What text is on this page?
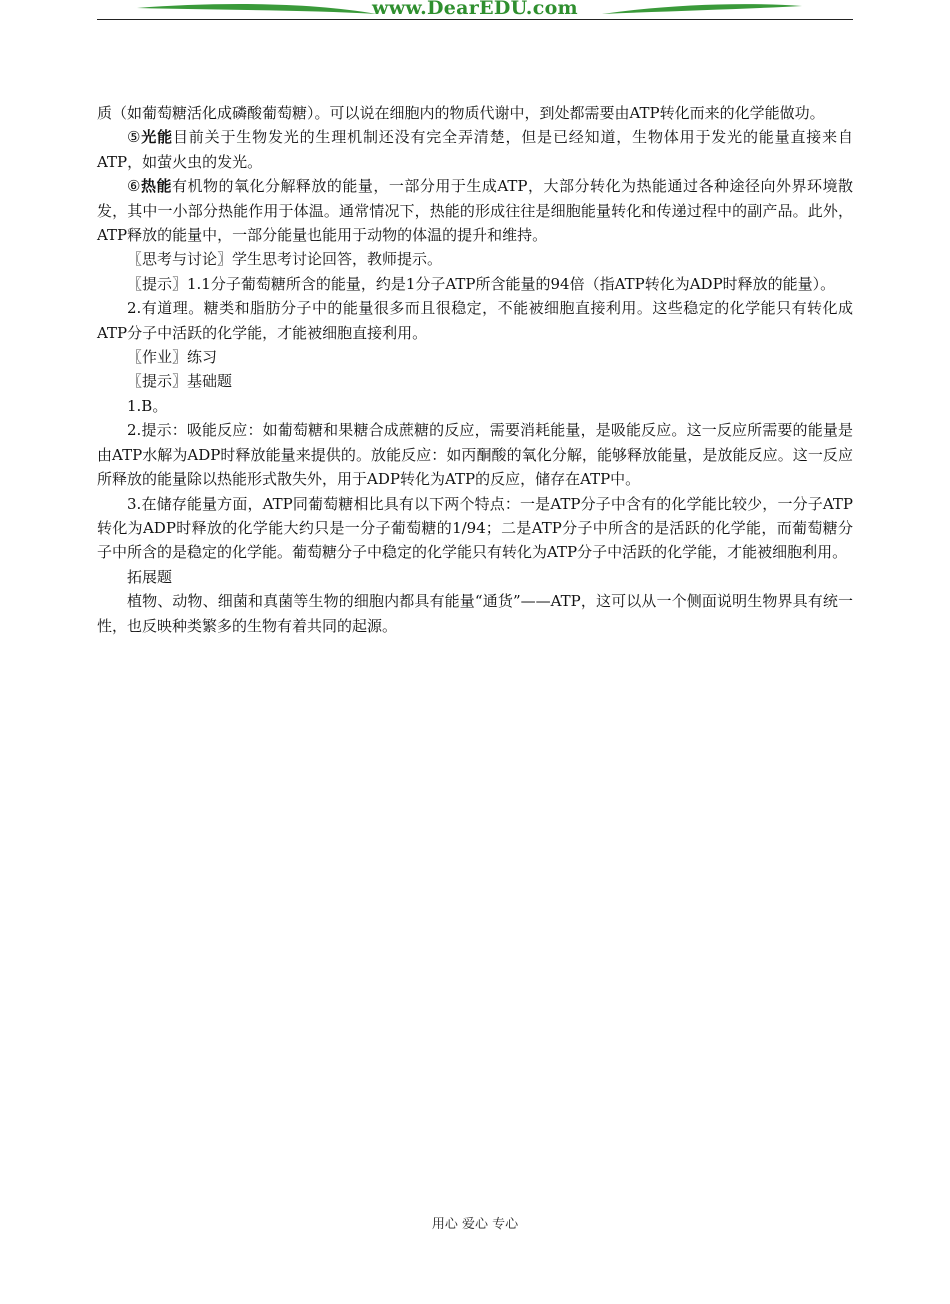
www.DearEDU.com

质（如葡萄糖活化成磷酸葡萄糖）。可以说在细胞内的物质代谢中，到处都需要由ATP转化而来的化学能做功。

⑤光能目前关于生物发光的生理机制还没有完全弄清楚，但是已经知道，生物体用于发光的能量直接来自ATP，如萤火虫的发光。

⑥热能有机物的氧化分解释放的能量，一部分用于生成ATP，大部分转化为热能通过各种途径向外界环境散发，其中一小部分热能作用于体温。通常情况下，热能的形成往往是细胞能量转化和传递过程中的副产品。此外，ATP释放的能量中，一部分能量也能用于动物的体温的提升和维持。

〖思考与讨论〗学生思考讨论回答，教师提示。

〖提示〗1.1分子葡萄糖所含的能量，约是1分子ATP所含能量的94倍（指ATP转化为ADP时释放的能量）。

2.有道理。糖类和脂肪分子中的能量很多而且很稳定，不能被细胞直接利用。这些稳定的化学能只有转化成ATP分子中活跃的化学能，才能被细胞直接利用。

〖作业〗练习

〖提示〗基础题

1.B。

2.提示：吸能反应：如葡萄糖和果糖合成蔗糖的反应，需要消耗能量，是吸能反应。这一反应所需要的能量是由ATP水解为ADP时释放能量来提供的。放能反应：如丙酮酸的氧化分解，能够释放能量，是放能反应。这一反应所释放的能量除以热能形式散失外，用于ADP转化为ATP的反应，储存在ATP中。

3.在储存能量方面，ATP同葡萄糖相比具有以下两个特点：一是ATP分子中含有的化学能比较少，一分子ATP转化为ADP时释放的化学能大约只是一分子葡萄糖的1/94；二是ATP分子中所含的是活跃的化学能，而葡萄糖分子中所含的是稳定的化学能。葡萄糖分子中稳定的化学能只有转化为ATP分子中活跃的化学能，才能被细胞利用。

拓展题

植物、动物、细菌和真菌等生物的细胞内都具有能量“通货”——ATP，这可以从一个侧面说明生物界具有统一性，也反映种类繁多的生物有着共同的起源。

用心 爱心 专心
